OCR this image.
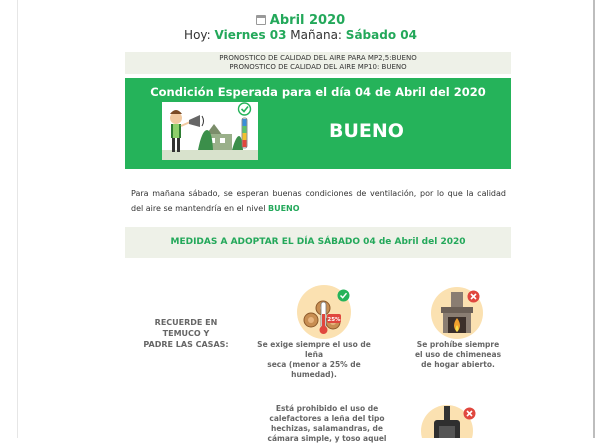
Abril 2020
Hoy: Viernes 03 Mañana: Sábado 04
PRONOSTICO DE CALIDAD DEL AIRE PARA MP2,5:BUENO
PRONOSTICO DE CALIDAD DEL AIRE MP10: BUENO
Condición Esperada para el día 04 de Abril del 2020
BUENO
Para mañana sábado, se esperan buenas condiciones de ventilación, por lo que la calidad del aire se mantendría en el nivel BUENO
MEDIDAS A ADOPTAR EL DÍA SÁBADO 04 de Abril del 2020
RECUERDE EN
TEMUCO Y
PADRE LAS CASAS:
25%
Se exige siempre el uso de leña
seca (menor a 25% de
humedad).
Se prohíbe siempre
el uso de chimeneas
de hogar abierto.
Está prohibido el uso de
calefactores a leña del tipo
hechizas, salamandras, de
cámara simple, y toso aquel
